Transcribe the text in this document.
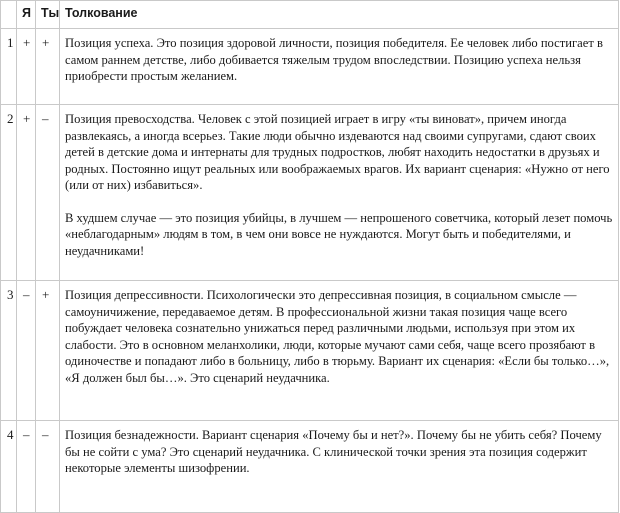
	Я	Ты	Толкование
1	+	+	Позиция успеха. Это позиция здоровой личности, позиция победителя. Ее человек либо постигает в самом раннем детстве, либо добивается тяжелым трудом впоследствии. Позицию успеха нельзя приобрести простым желанием.

2	+	–	Позиция превосходства. Человек с этой позицией играет в игру «ты виноват», причем иногда развлекаясь, а иногда всерьез. Такие люди обычно издеваются над своими супругами, сдают своих детей в детские дома и интернаты для трудных подростков, любят находить недостатки в друзьях и родных. Постоянно ищут реальных или воображаемых врагов. Их вариант сценария: «Нужно от него (или от них) избавиться».

В худшем случае — это позиция убийцы, в лучшем — непрошеного советчика, который лезет помочь «неблагодарным» людям в том, в чем они вовсе не нуждаются. Могут быть и победителями, и неудачниками!

3	–	+	Позиция депрессивности. Психологически это депрессивная позиция, в социальном смысле — самоуничижение, передаваемое детям. В профессиональной жизни такая позиция чаще всего побуждает человека сознательно унижаться перед различными людьми, используя при этом их слабости. Это в основном меланхолики, люди, которые мучают сами себя, чаще всего прозябают в одиночестве и попадают либо в больницу, либо в тюрьму. Вариант их сценария: «Если бы только…», «Я должен был бы…». Это сценарий неудачника.

4	–	–	Позиция безнадежности. Вариант сценария «Почему бы и нет?». Почему бы не убить себя? Почему бы не сойти с ума? Это сценарий неудачника. С клинической точки зрения эта позиция содержит некоторые элементы шизофрении.
